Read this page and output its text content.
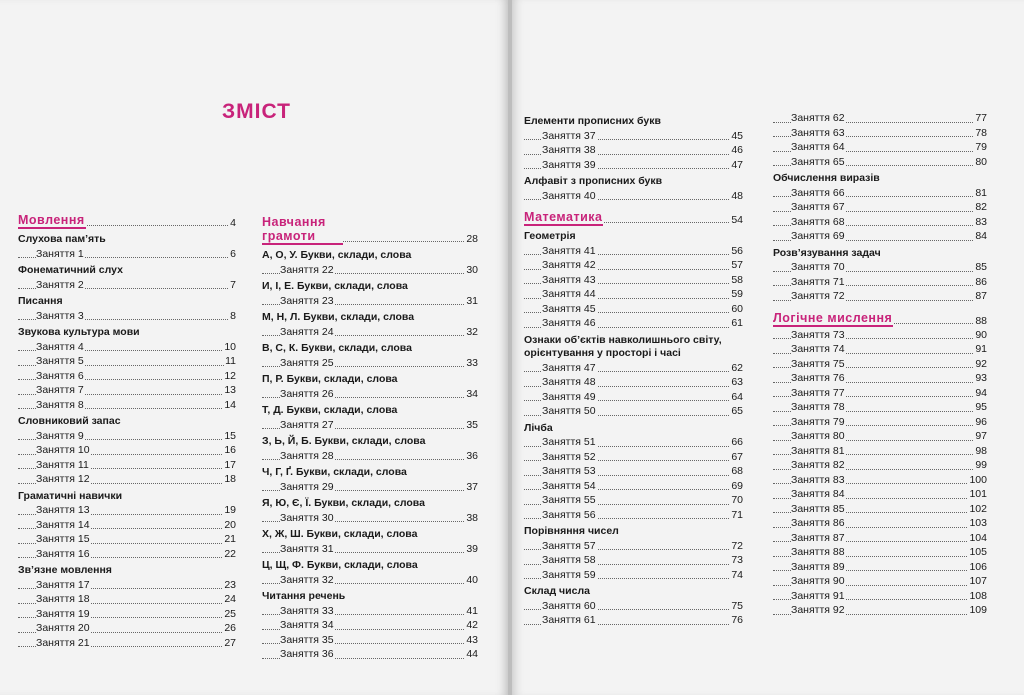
ЗМІСТ
Мовлення	4
Слухова пам’ять
Заняття 1	6
Фонематичний слух
Заняття 2	7
Писання
Заняття 3	8
Звукова культура мови
Заняття 4	10
Заняття 5	11
Заняття 6	12
Заняття 7	13
Заняття 8	14
Словниковий запас
Заняття 9	15
Заняття 10	16
Заняття 11	17
Заняття 12	18
Граматичні навички
Заняття 13	19
Заняття 14	20
Заняття 15	21
Заняття 16	22
Зв’язне мовлення
Заняття 17	23
Заняття 18	24
Заняття 19	25
Заняття 20	26
Заняття 21	27
Навчання грамоти	28
А, О, У. Букви, склади, слова
Заняття 22	30
И, І, Е. Букви, склади, слова
Заняття 23	31
М, Н, Л. Букви, склади, слова
Заняття 24	32
В, С, К. Букви, склади, слова
Заняття 25	33
П, Р. Букви, склади, слова
Заняття 26	34
Т, Д. Букви, склади, слова
Заняття 27	35
З, Ь, Й, Б. Букви, склади, слова
Заняття 28	36
Ч, Г, Ґ. Букви, склади, слова
Заняття 29	37
Я, Ю, Є, Ї. Букви, склади, слова
Заняття 30	38
Х, Ж, Ш. Букви, склади, слова
Заняття 31	39
Ц, Щ, Ф. Букви, склади, слова
Заняття 32	40
Читання речень
Заняття 33	41
Заняття 34	42
Заняття 35	43
Заняття 36	44
Елементи прописних букв
Заняття 37	45
Заняття 38	46
Заняття 39	47
Алфавіт з прописних букв
Заняття 40	48
Математика	54
Геометрія
Заняття 41	56
Заняття 42	57
Заняття 43	58
Заняття 44	59
Заняття 45	60
Заняття 46	61
Ознаки об’єктів навколишнього світу,
орієнтування у просторі і часі
Заняття 47	62
Заняття 48	63
Заняття 49	64
Заняття 50	65
Лічба
Заняття 51	66
Заняття 52	67
Заняття 53	68
Заняття 54	69
Заняття 55	70
Заняття 56	71
Порівняння чисел
Заняття 57	72
Заняття 58	73
Заняття 59	74
Склад числа
Заняття 60	75
Заняття 61	76
Заняття 62	77
Заняття 63	78
Заняття 64	79
Заняття 65	80
Обчислення виразів
Заняття 66	81
Заняття 67	82
Заняття 68	83
Заняття 69	84
Розв’язування задач
Заняття 70	85
Заняття 71	86
Заняття 72	87
Логічне мислення	88
Заняття 73	90
Заняття 74	91
Заняття 75	92
Заняття 76	93
Заняття 77	94
Заняття 78	95
Заняття 79	96
Заняття 80	97
Заняття 81	98
Заняття 82	99
Заняття 83	100
Заняття 84	101
Заняття 85	102
Заняття 86	103
Заняття 87	104
Заняття 88	105
Заняття 89	106
Заняття 90	107
Заняття 91	108
Заняття 92	109
